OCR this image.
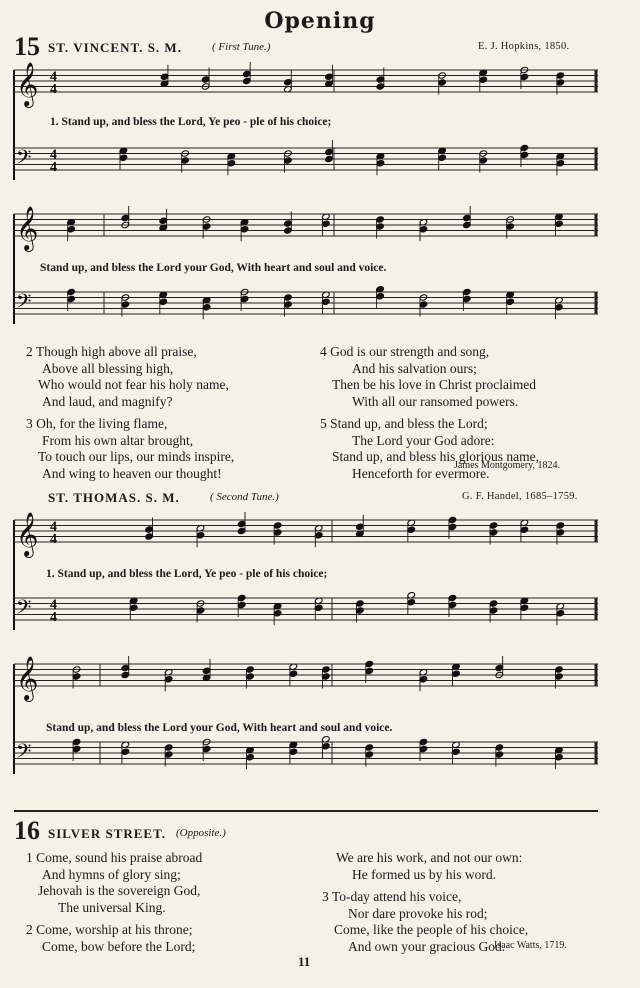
Opening
15 ST. VINCENT. S. M.	( First Tune.)	E. J. Hopkins, 1850.
𝄞 4
4
𝄢 4
4
1. Stand up, and bless the Lord, Ye peo - ple of his choice;
𝄞
𝄢
Stand up, and bless the Lord your God, With heart and soul and voice.
2 Though high above all praise,
Above all blessing high,
Who would not fear his holy name,
And laud, and magnify?
3 Oh, for the living flame,
From his own altar brought,
To touch our lips, our minds inspire,
And wing to heaven our thought!
4 God is our strength and song,
And his salvation ours;
Then be his love in Christ proclaimed
With all our ransomed powers.
5 Stand up, and bless the Lord;
The Lord your God adore:
Stand up, and bless his glorious name,
Henceforth for evermore.
James Montgomery, 1824.
ST. THOMAS. S. M.	( Second Tune.)	G. F. Handel, 1685–1759.
𝄞 4
4
𝄢 4
4
1. Stand up, and bless the Lord, Ye peo - ple of his choice;
𝄞
𝄢
Stand up, and bless the Lord your God, With heart and soul and voice.
16 SILVER STREET. (Opposite.)
1 Come, sound his praise abroad
And hymns of glory sing;
Jehovah is the sovereign God,
The universal King.
2 Come, worship at his throne;
Come, bow before the Lord;
We are his work, and not our own:
He formed us by his word.
3 To-day attend his voice,
Nor dare provoke his rod;
Come, like the people of his choice,
And own your gracious God.
Isaac Watts, 1719.
11
